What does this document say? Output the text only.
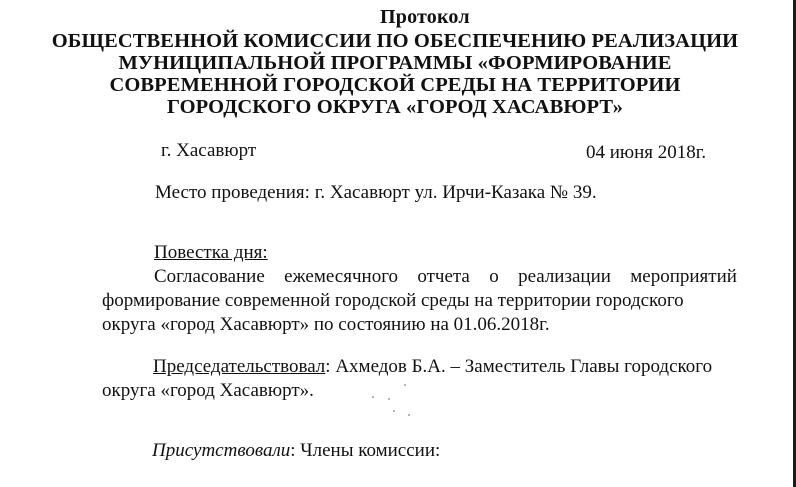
Протокол
ОБЩЕСТВЕННОЙ КОМИССИИ ПО ОБЕСПЕЧЕНИЮ РЕАЛИЗАЦИИ
МУНИЦИПАЛЬНОЙ ПРОГРАММЫ «ФОРМИРОВАНИЕ
СОВРЕМЕННОЙ ГОРОДСКОЙ СРЕДЫ НА ТЕРРИТОРИИ
ГОРОДСКОГО ОКРУГА «ГОРОД ХАСАВЮРТ»
г. Хасавюрт	04 июня 2018г.
Место проведения: г. Хасавюрт ул. Ирчи-Казака № 39.
Повестка дня:
Согласование ежемесячного отчета о реализации мероприятий
формирование современной городской среды на территории городского
округа «город Хасавюрт» по состоянию на 01.06.2018г.
Председательствовал: Ахмедов Б.А. – Заместитель Главы городского
округа «город Хасавюрт».
Присутствовали: Члены комиссии:
